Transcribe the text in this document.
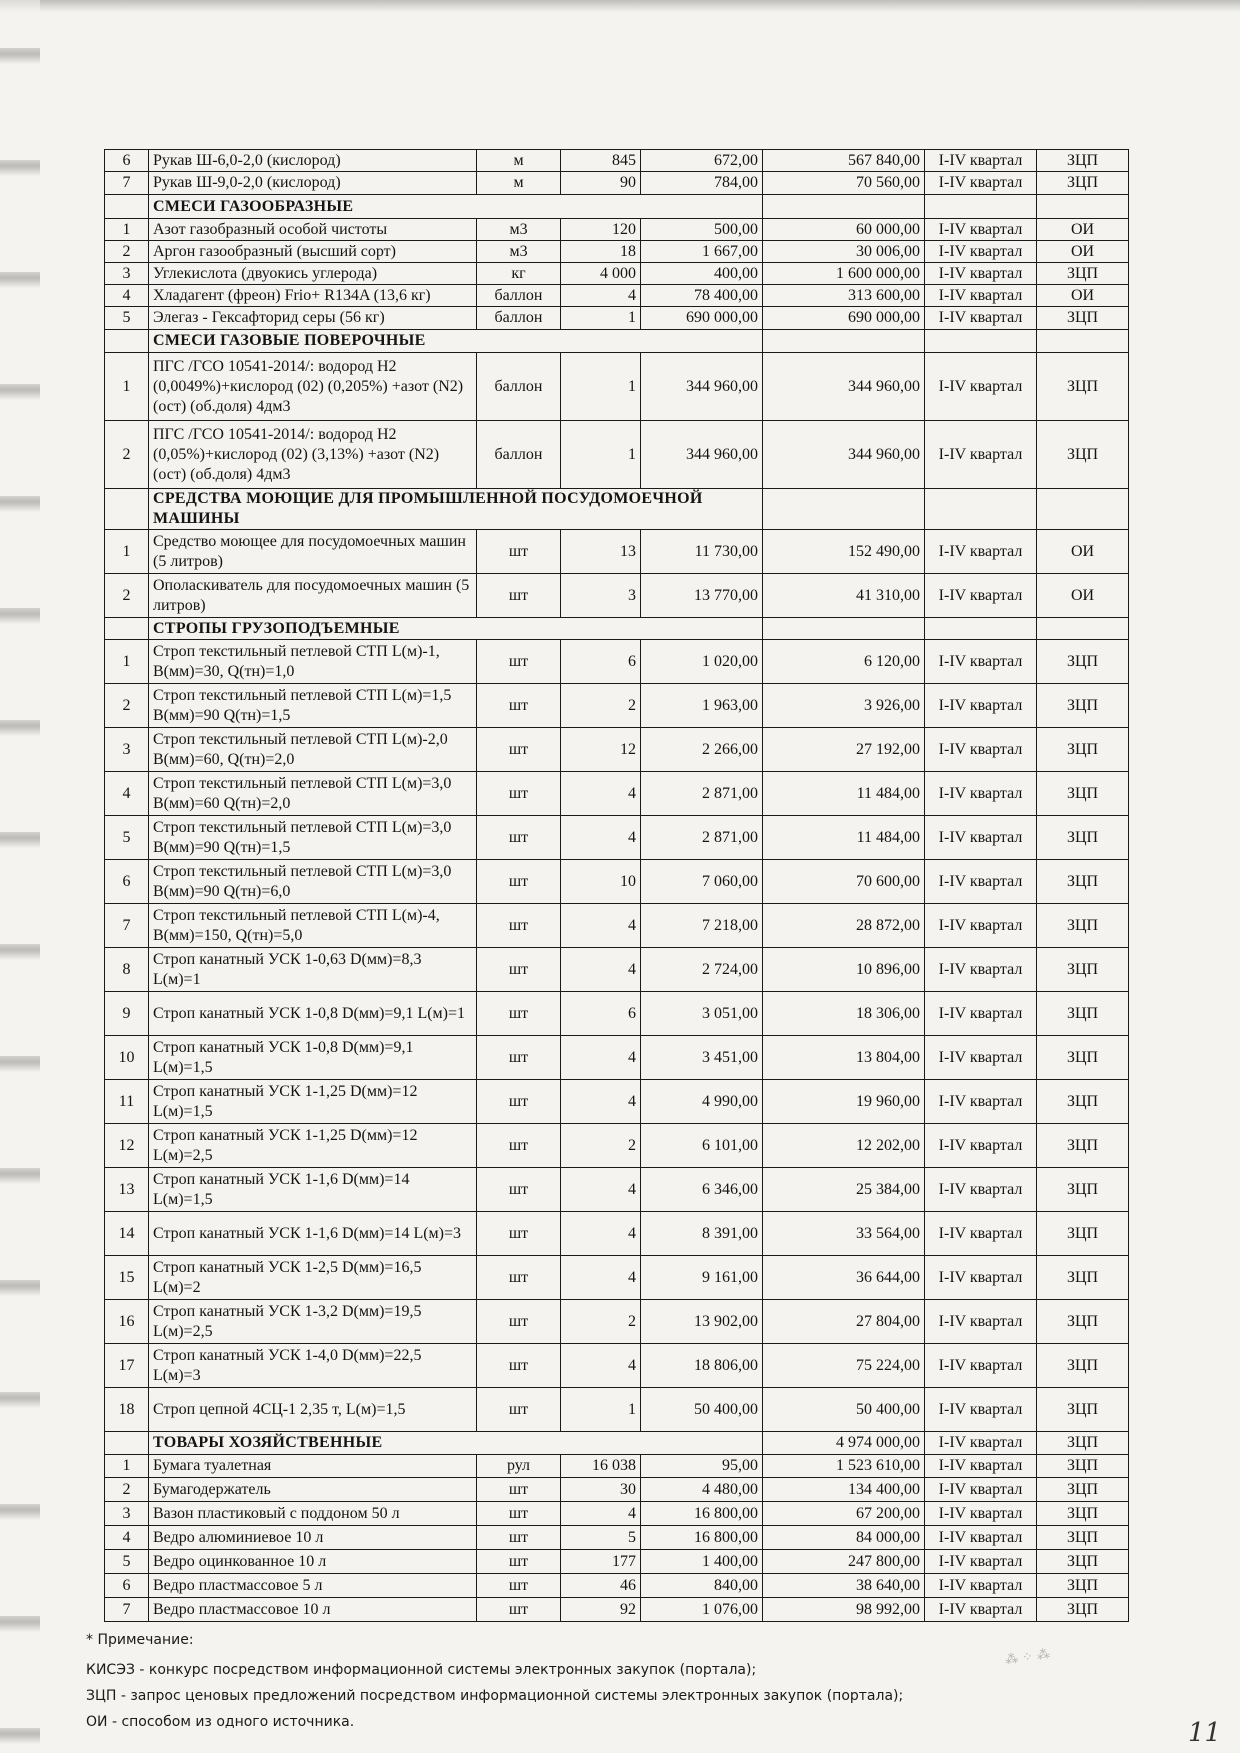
6	Рукав Ш-6,0-2,0 (кислород)	м	845	672,00	567 840,00	I-IV квартал	ЗЦП
7	Рукав Ш-9,0-2,0 (кислород)	м	90	784,00	70 560,00	I-IV квартал	ЗЦП
	СМЕСИ ГАЗООБРАЗНЫЕ						
1	Азот газобразный особой чистоты	м3	120	500,00	60 000,00	I-IV квартал	ОИ
2	Аргон газообразный (высший сорт)	м3	18	1 667,00	30 006,00	I-IV квартал	ОИ
3	Углекислота (двуокись углерода)	кг	4 000	400,00	1 600 000,00	I-IV квартал	ЗЦП
4	Хладагент (фреон) Frio+ R134A (13,6 кг)	баллон	4	78 400,00	313 600,00	I-IV квартал	ОИ
5	Элегаз - Гексафторид серы (56 кг)	баллон	1	690 000,00	690 000,00	I-IV квартал	ЗЦП
	СМЕСИ ГАЗОВЫЕ ПОВЕРОЧНЫЕ						
1	ПГС /ГСО 10541-2014/: водород Н2 (0,0049%)+кислород (02) (0,205%) +азот (N2)(ост) (об.доля) 4дм3	баллон	1	344 960,00	344 960,00	I-IV квартал	ЗЦП
2	ПГС /ГСО 10541-2014/: водород Н2 (0,05%)+кислород (02) (3,13%) +азот (N2)(ост) (об.доля) 4дм3	баллон	1	344 960,00	344 960,00	I-IV квартал	ЗЦП
	СРЕДСТВА МОЮЩИЕ ДЛЯ ПРОМЫШЛЕННОЙ ПОСУДОМОЕЧНОЙ МАШИНЫ						
1	Средство моющее для посудомоечных машин (5 литров)	шт	13	11 730,00	152 490,00	I-IV квартал	ОИ
2	Ополаскиватель для посудомоечных машин (5 литров)	шт	3	13 770,00	41 310,00	I-IV квартал	ОИ
	СТРОПЫ ГРУЗОПОДЪЕМНЫЕ						
1	Строп текстильный петлевой СТП L(м)-1, В(мм)=30, Q(тн)=1,0	шт	6	1 020,00	6 120,00	I-IV квартал	ЗЦП
2	Строп текстильный петлевой СТП L(м)=1,5 В(мм)=90 Q(тн)=1,5	шт	2	1 963,00	3 926,00	I-IV квартал	ЗЦП
3	Строп текстильный петлевой СТП L(м)-2,0 В(мм)=60, Q(тн)=2,0	шт	12	2 266,00	27 192,00	I-IV квартал	ЗЦП
4	Строп текстильный петлевой СТП L(м)=3,0 В(мм)=60 Q(тн)=2,0	шт	4	2 871,00	11 484,00	I-IV квартал	ЗЦП
5	Строп текстильный петлевой СТП L(м)=3,0 В(мм)=90 Q(тн)=1,5	шт	4	2 871,00	11 484,00	I-IV квартал	ЗЦП
6	Строп текстильный петлевой СТП L(м)=3,0 В(мм)=90 Q(тн)=6,0	шт	10	7 060,00	70 600,00	I-IV квартал	ЗЦП
7	Строп текстильный петлевой СТП L(м)-4, В(мм)=150, Q(тн)=5,0	шт	4	7 218,00	28 872,00	I-IV квартал	ЗЦП
8	Строп канатный УСК 1-0,63 D(мм)=8,3 L(м)=1	шт	4	2 724,00	10 896,00	I-IV квартал	ЗЦП
9	Строп канатный УСК 1-0,8 D(мм)=9,1 L(м)=1	шт	6	3 051,00	18 306,00	I-IV квартал	ЗЦП
10	Строп канатный УСК 1-0,8 D(мм)=9,1 L(м)=1,5	шт	4	3 451,00	13 804,00	I-IV квартал	ЗЦП
11	Строп канатный УСК 1-1,25 D(мм)=12 L(м)=1,5	шт	4	4 990,00	19 960,00	I-IV квартал	ЗЦП
12	Строп канатный УСК 1-1,25 D(мм)=12 L(м)=2,5	шт	2	6 101,00	12 202,00	I-IV квартал	ЗЦП
13	Строп канатный УСК 1-1,6 D(мм)=14 L(м)=1,5	шт	4	6 346,00	25 384,00	I-IV квартал	ЗЦП
14	Строп канатный УСК 1-1,6 D(мм)=14 L(м)=3	шт	4	8 391,00	33 564,00	I-IV квартал	ЗЦП
15	Строп канатный УСК 1-2,5 D(мм)=16,5 L(м)=2	шт	4	9 161,00	36 644,00	I-IV квартал	ЗЦП
16	Строп канатный УСК 1-3,2 D(мм)=19,5 L(м)=2,5	шт	2	13 902,00	27 804,00	I-IV квартал	ЗЦП
17	Строп канатный УСК 1-4,0 D(мм)=22,5 L(м)=3	шт	4	18 806,00	75 224,00	I-IV квартал	ЗЦП
18	Строп цепной 4СЦ-1 2,35 т, L(м)=1,5	шт	1	50 400,00	50 400,00	I-IV квартал	ЗЦП
	ТОВАРЫ ХОЗЯЙСТВЕННЫЕ				4 974 000,00	I-IV квартал	ЗЦП
1	Бумага туалетная	рул	16 038	95,00	1 523 610,00	I-IV квартал	ЗЦП
2	Бумагодержатель	шт	30	4 480,00	134 400,00	I-IV квартал	ЗЦП
3	Вазон пластиковый с поддоном 50 л	шт	4	16 800,00	67 200,00	I-IV квартал	ЗЦП
4	Ведро алюминиевое 10 л	шт	5	16 800,00	84 000,00	I-IV квартал	ЗЦП
5	Ведро оцинкованное 10 л	шт	177	1 400,00	247 800,00	I-IV квартал	ЗЦП
6	Ведро пластмассовое 5 л	шт	46	840,00	38 640,00	I-IV квартал	ЗЦП
7	Ведро пластмассовое 10 л	шт	92	1 076,00	98 992,00	I-IV квартал	ЗЦП
* Примечание:
КИСЭЗ - конкурс посредством информационной системы электронных закупок (портала);
ЗЦП - запрос ценовых предложений посредством информационной системы электронных закупок (портала);
ОИ - способом из одного источника.
⁂ ⁘ ⁂
11
